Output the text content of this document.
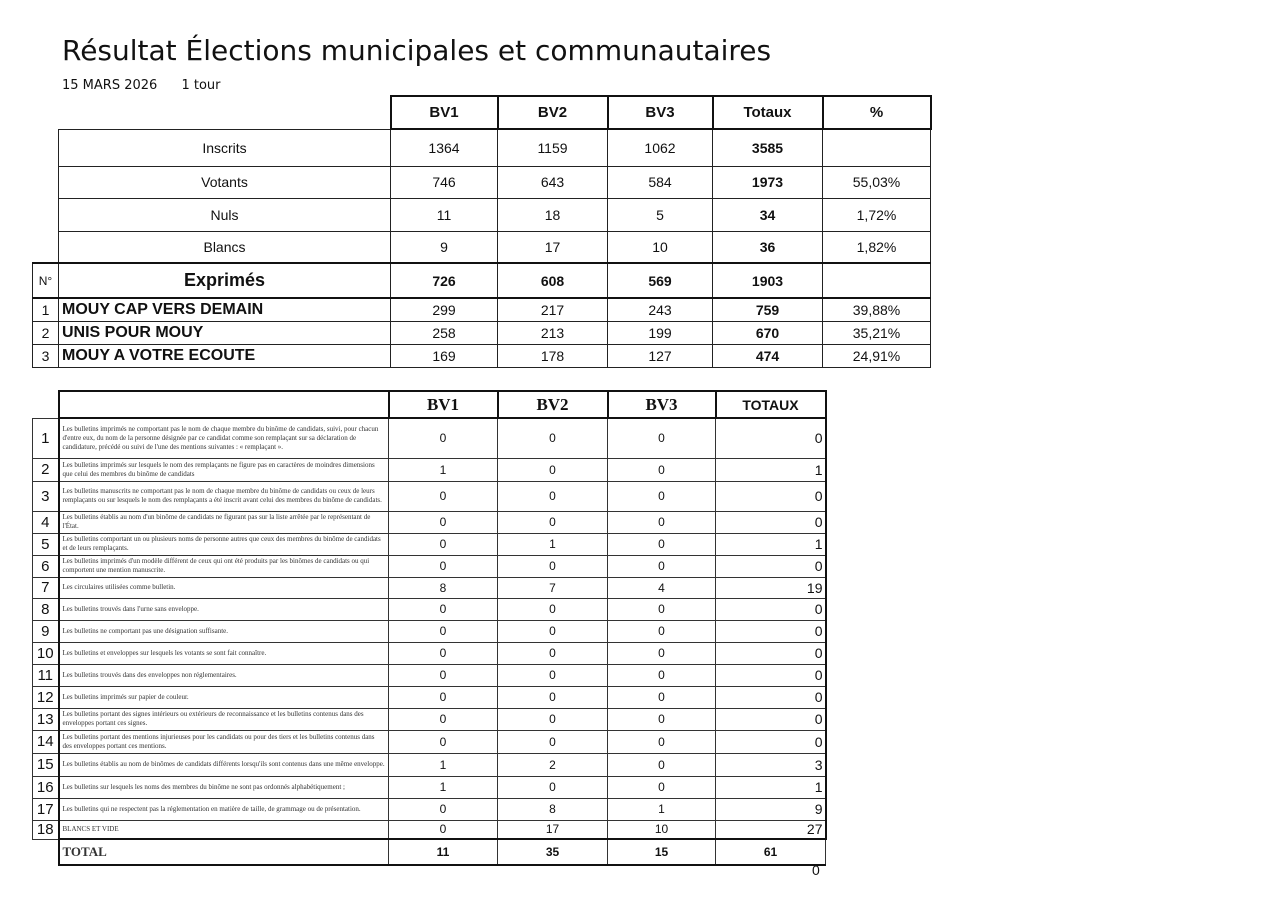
Résultat Élections municipales et communautaires
15 MARS 2026 1 tour
		BV1	BV2	BV3	Totaux	%
	Inscrits	1364	1159	1062	3585	
	Votants	746	643	584	1973	55,03%
	Nuls	11	18	5	34	1,72%
	Blancs	9	17	10	36	1,82%
N°	Exprimés	726	608	569	1903	
1	MOUY CAP VERS DEMAIN	299	217	243	759	39,88%
2	UNIS POUR MOUY	258	213	199	670	35,21%
3	MOUY A VOTRE ECOUTE	169	178	127	474	24,91%
		BV1	BV2	BV3	TOTAUX
1	Les bulletins imprimés ne comportant pas le nom de chaque membre du binôme de candidats, suivi, pour chacun d'entre eux, du nom de la personne désignée par ce candidat comme son remplaçant sur sa déclaration de candidature, précédé ou suivi de l'une des mentions suivantes : « remplaçant ».	0	0	0	0
2	Les bulletins imprimés sur lesquels le nom des remplaçants ne figure pas en caractères de moindres dimensions que celui des membres du binôme de candidats	1	0	0	1
3	Les bulletins manuscrits ne comportant pas le nom de chaque membre du binôme de candidats ou ceux de leurs remplaçants ou sur lesquels le nom des remplaçants a été inscrit avant celui des membres du binôme de candidats.	0	0	0	0
4	Les bulletins établis au nom d'un binôme de candidats ne figurant pas sur la liste arrêtée par le représentant de l'État.	0	0	0	0
5	Les bulletins comportant un ou plusieurs noms de personne autres que ceux des membres du binôme de candidats et de leurs remplaçants.	0	1	0	1
6	Les bulletins imprimés d'un modèle différent de ceux qui ont été produits par les binômes de candidats ou qui comportent une mention manuscrite.	0	0	0	0
7	Les circulaires utilisées comme bulletin.	8	7	4	19
8	Les bulletins trouvés dans l'urne sans enveloppe.	0	0	0	0
9	Les bulletins ne comportant pas une désignation suffisante.	0	0	0	0
10	Les bulletins et enveloppes sur lesquels les votants se sont fait connaître.	0	0	0	0
11	Les bulletins trouvés dans des enveloppes non réglementaires.	0	0	0	0
12	Les bulletins imprimés sur papier de couleur.	0	0	0	0
13	Les bulletins portant des signes intérieurs ou extérieurs de reconnaissance et les bulletins contenus dans des enveloppes portant ces signes.	0	0	0	0
14	Les bulletins portant des mentions injurieuses pour les candidats ou pour des tiers et les bulletins contenus dans des enveloppes portant ces mentions.	0	0	0	0
15	Les bulletins établis au nom de binômes de candidats différents lorsqu'ils sont contenus dans une même enveloppe.	1	2	0	3
16	Les bulletins sur lesquels les noms des membres du binôme ne sont pas ordonnés alphabétiquement ;	1	0	0	1
17	Les bulletins qui ne respectent pas la réglementation en matière de taille, de grammage ou de présentation.	0	8	1	9
18	BLANCS ET VIDE	0	17	10	27
	TOTAL	11	35	15	61
0
